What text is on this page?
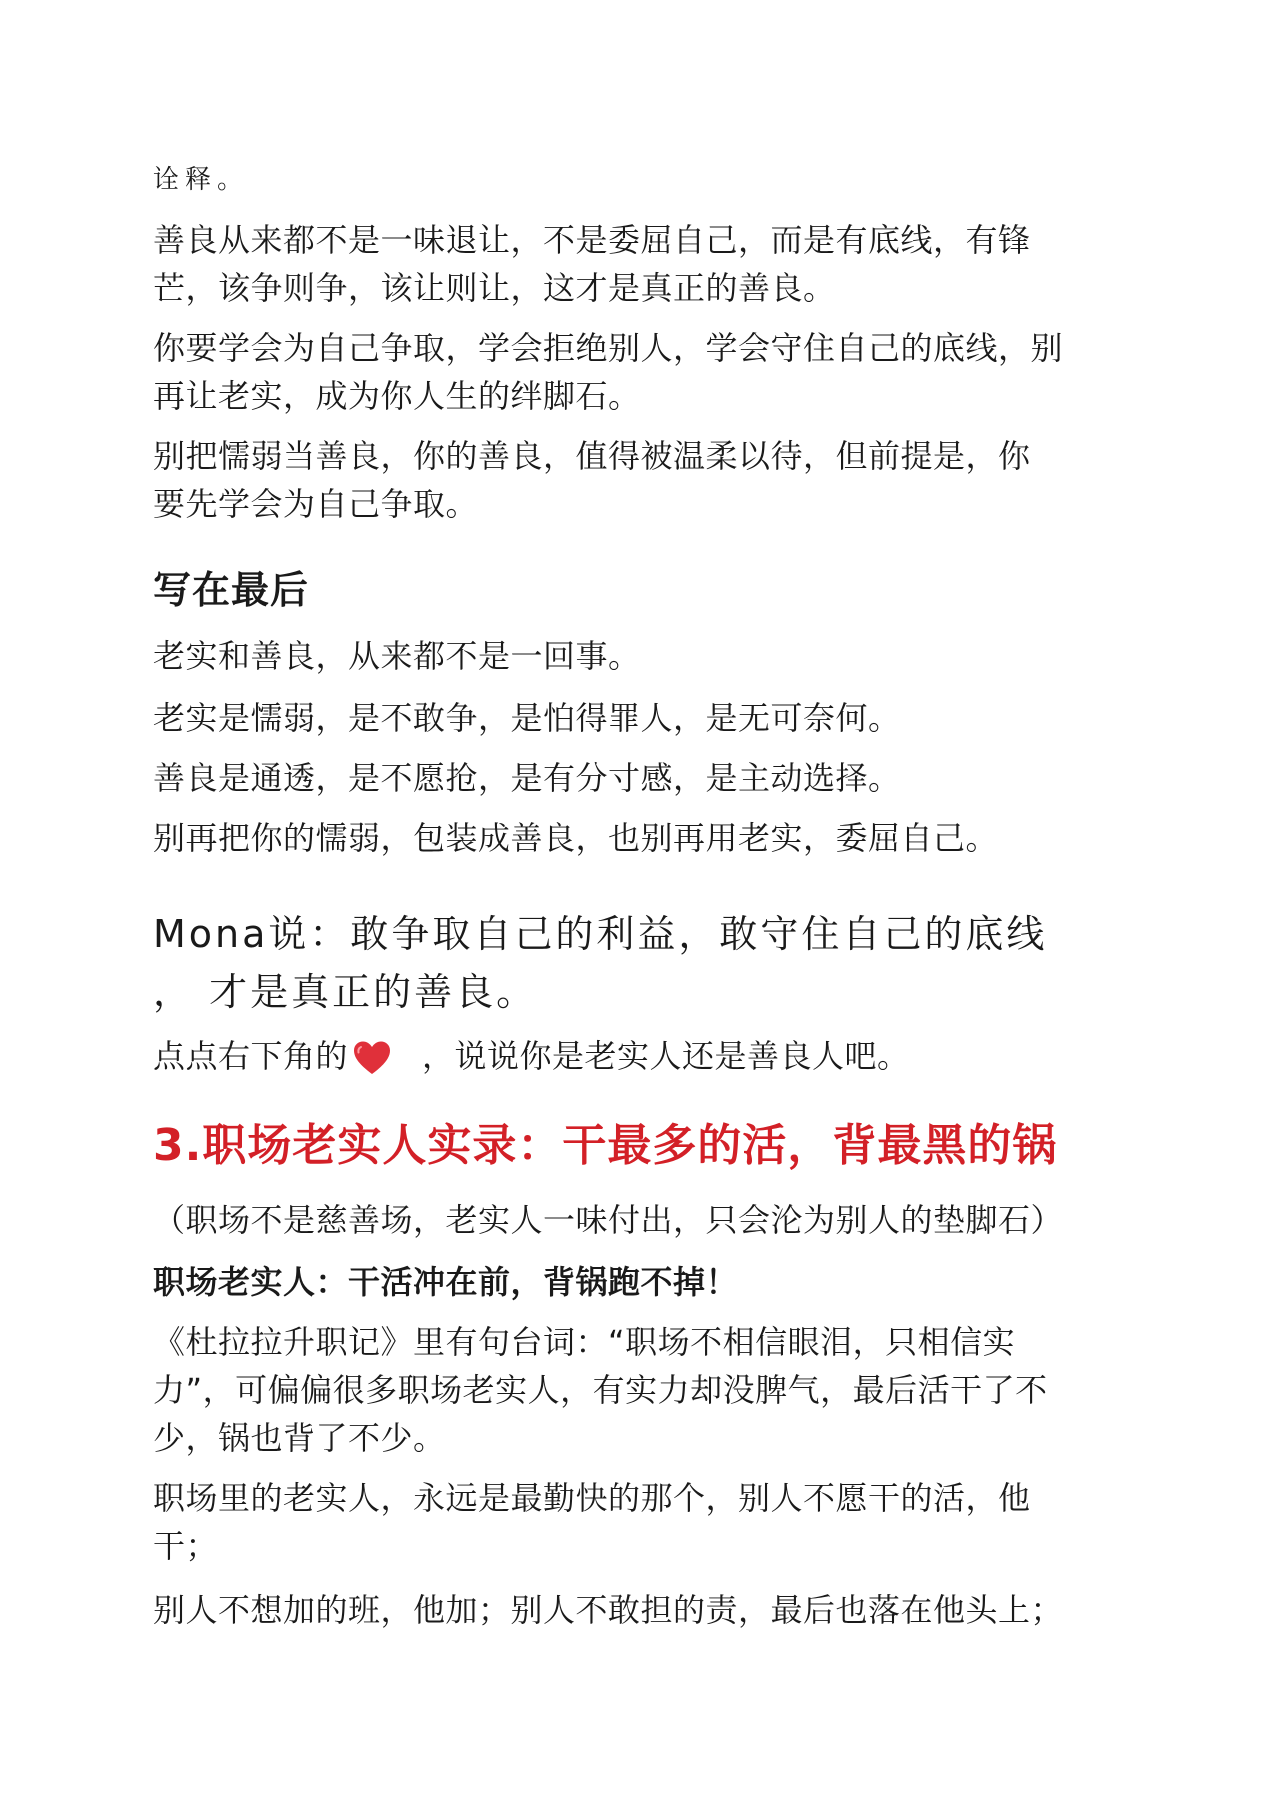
诠释。
善良从来都不是一味退让，不是委屈自己，而是有底线，有锋
芒，该争则争，该让则让，这才是真正的善良。
你要学会为自己争取，学会拒绝别人，学会守住自己的底线，别
再让老实，成为你人生的绊脚石。
别把懦弱当善良，你的善良，值得被温柔以待，但前提是，你
要先学会为自己争取。
写在最后
老实和善良，从来都不是一回事。
老实是懦弱，是不敢争，是怕得罪人，是无可奈何。
善良是通透，是不愿抢，是有分寸感，是主动选择。
别再把你的懦弱，包装成善良，也别再用老实，委屈自己。
Mona说：敢争取自己的利益，敢守住自己的底线
， 才是真正的善良。
点点右下角的 ，说说你是老实人还是善良人吧。
3.职场老实人实录：干最多的活，背最黑的锅
（职场不是慈善场，老实人一味付出，只会沦为别人的垫脚石）
职场老实人：干活冲在前，背锅跑不掉！
《杜拉拉升职记》里有句台词：“职场不相信眼泪，只相信实
力”，可偏偏很多职场老实人，有实力却没脾气，最后活干了不
少，锅也背了不少。
职场里的老实人，永远是最勤快的那个，别人不愿干的活，他
干；
别人不想加的班，他加；别人不敢担的责，最后也落在他头上；
